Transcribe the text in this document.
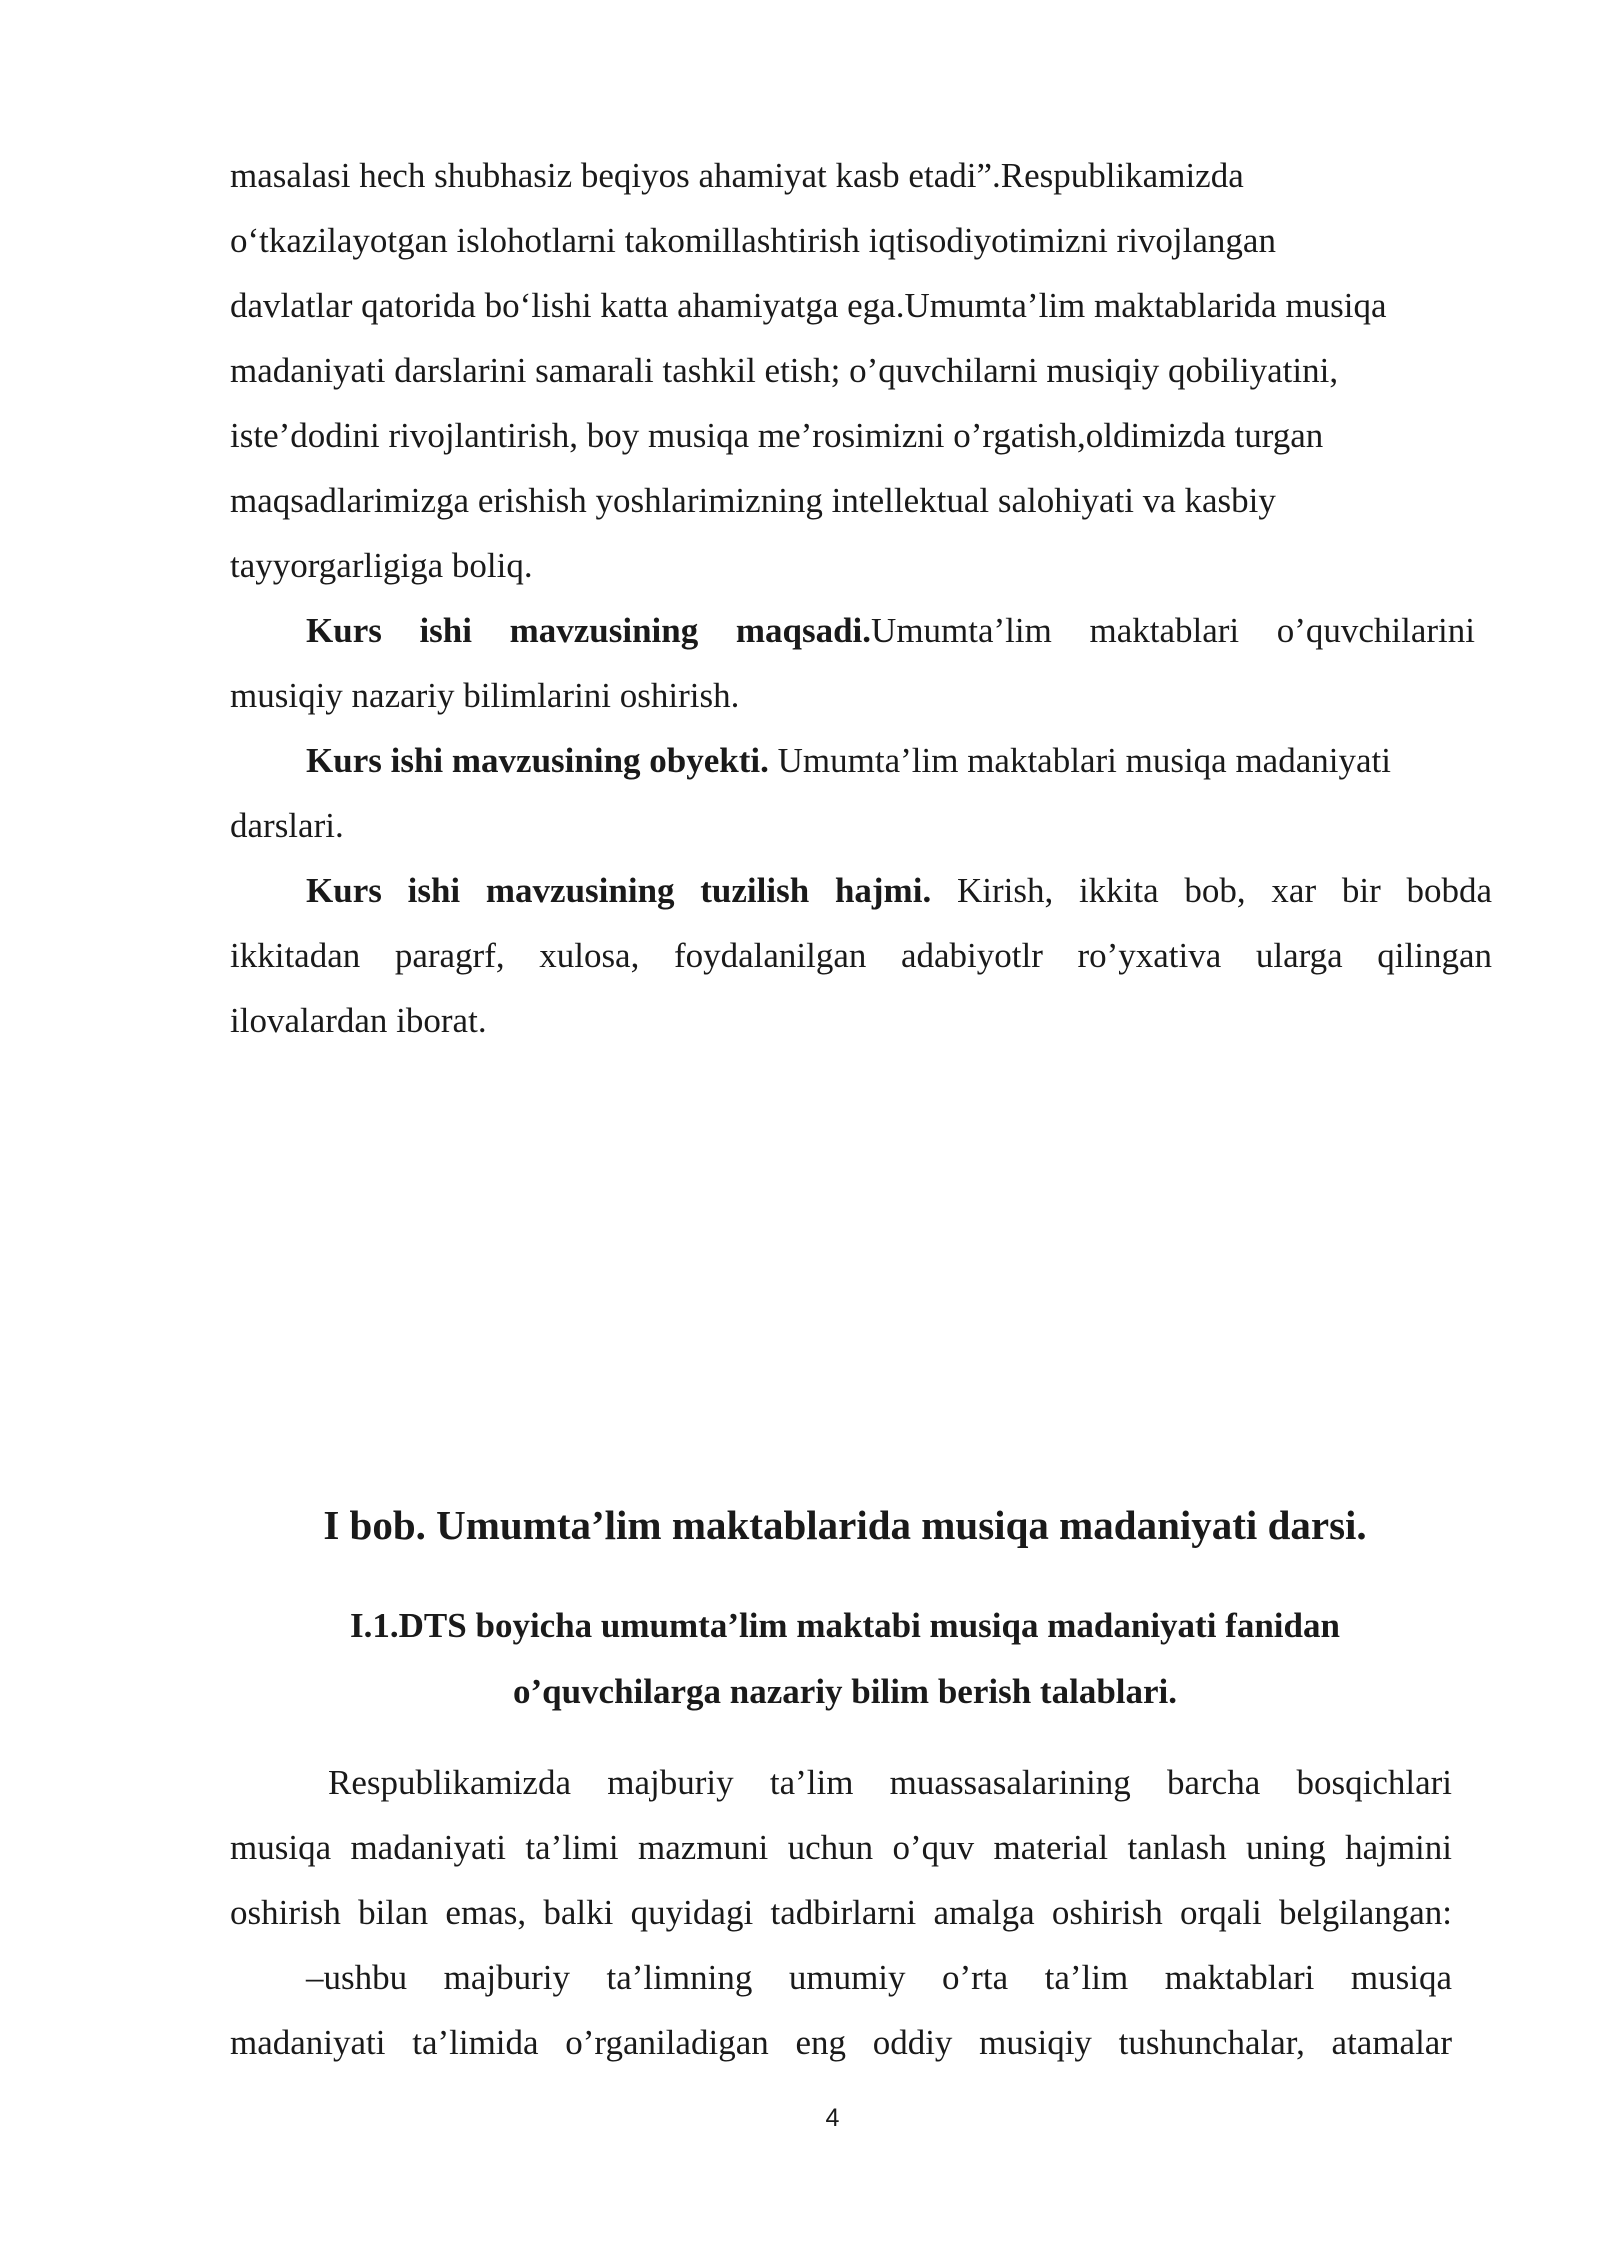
masalasi hech shubhasiz beqiyos ahamiyat kasb etadi”.Respublikamizda
o‘tkazilayotgan islohotlarni takomillashtirish iqtisodiyotimizni rivojlangan
davlatlar qatorida bo‘lishi katta ahamiyatga ega.Umumta’lim maktablarida musiqa
madaniyati darslarini samarali tashkil etish; o’quvchilarni musiqiy qobiliyatini,
iste’dodini rivojlantirish, boy musiqa me’rosimizni o’rgatish,oldimizda turgan
maqsadlarimizga erishish yoshlarimizning intellektual salohiyati va kasbiy
tayyorgarligiga boliq.
Kurs ishi mavzusining maqsadi.Umumta’lim maktablari o’quvchilarini
musiqiy nazariy bilimlarini oshirish.
Kurs ishi mavzusining obyekti. Umumta’lim maktablari musiqa madaniyati
darslari.
Kurs ishi mavzusining tuzilish hajmi. Kirish, ikkita bob, xar bir bobda
ikkitadan paragrf, xulosa, foydalanilgan adabiyotlr ro’yxativa ularga qilingan
ilovalardan iborat.
I bob. Umumta’lim maktablarida musiqa madaniyati darsi.
I.1.DTS boyicha umumta’lim maktabi musiqa madaniyati fanidan
o’quvchilarga nazariy bilim berish talablari.
Respublikamizda majburiy ta’lim muassasalarining barcha bosqichlari
musiqa madaniyati ta’limi mazmuni uchun o’quv material tanlash uning hajmini
oshirish bilan emas, balki quyidagi tadbirlarni amalga oshirish orqali belgilangan:
–ushbu majburiy ta’limning umumiy o’rta ta’lim maktablari musiqa
madaniyati ta’limida o’rganiladigan eng oddiy musiqiy tushunchalar, atamalar
4
